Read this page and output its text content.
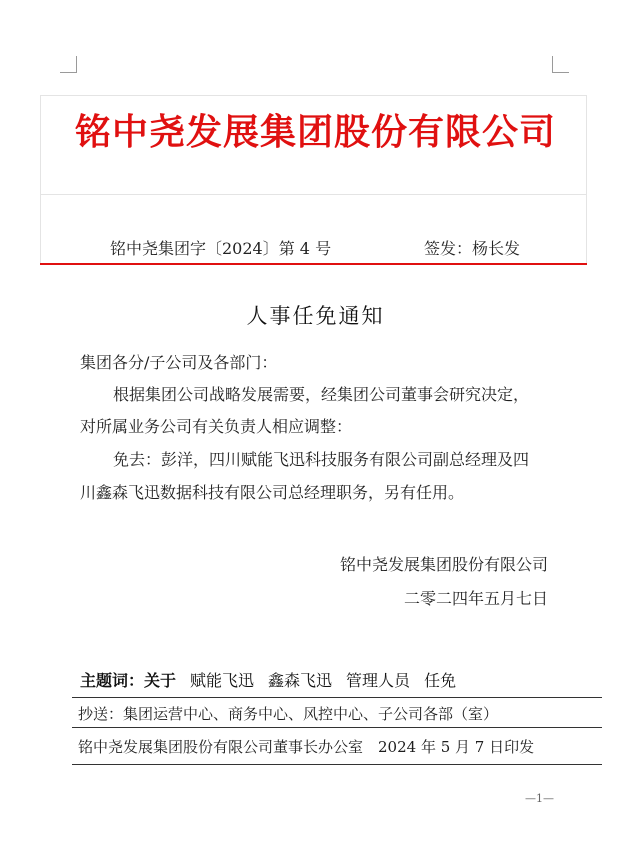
铭中尧发展集团股份有限公司
铭中尧集团字〔2024〕第 4 号	签发：杨长发
人事任免通知
集团各分/子公司及各部门：
根据集团公司战略发展需要，经集团公司董事会研究决定，
对所属业务公司有关负责人相应调整：
免去：彭洋，四川赋能飞迅科技服务有限公司副总经理及四
川鑫森飞迅数据科技有限公司总经理职务，另有任用。
铭中尧发展集团股份有限公司
二零二四年五月七日
主题词：关于 赋能飞迅 鑫森飞迅 管理人员 任免
抄送：集团运营中心、商务中心、风控中心、子公司各部（室）
铭中尧发展集团股份有限公司董事长办公室　2024 年 5 月 7 日印发
—1—
